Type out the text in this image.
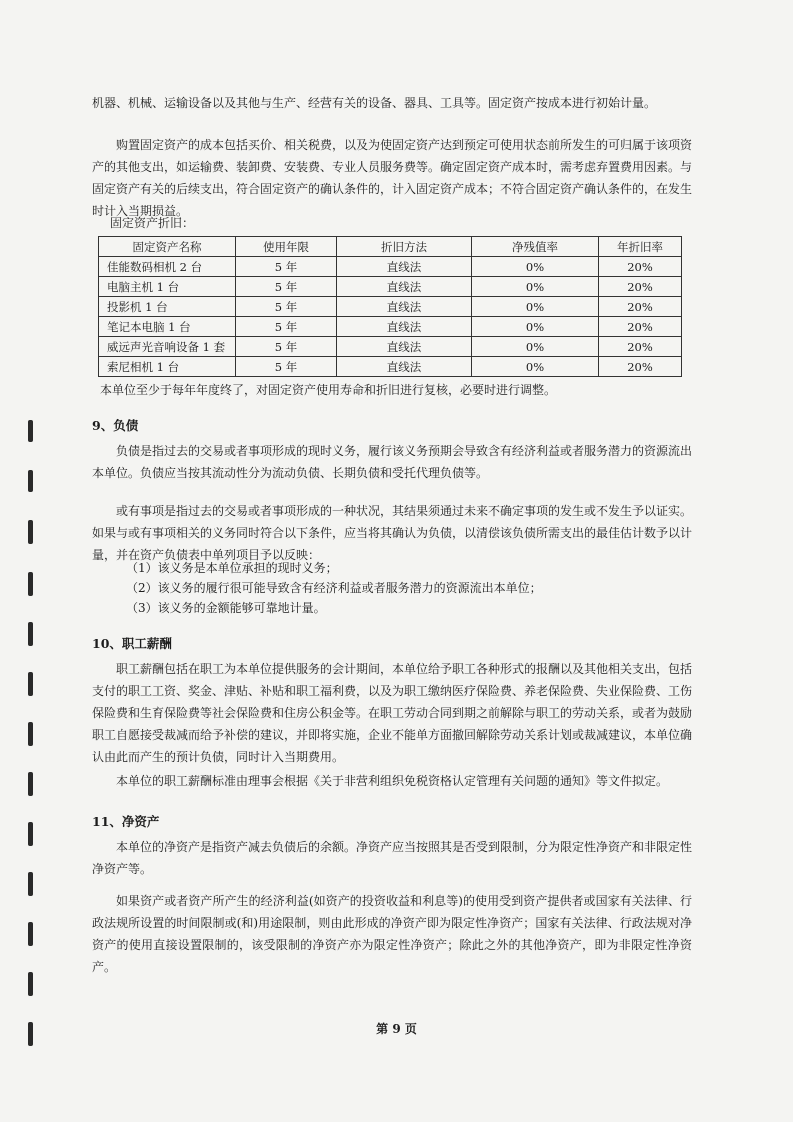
机器、机械、运输设备以及其他与生产、经营有关的设备、器具、工具等。固定资产按成本进行初始计量。

购置固定资产的成本包括买价、相关税费，以及为使固定资产达到预定可使用状态前所发生的可归属于该项资产的其他支出，如运输费、装卸费、安装费、专业人员服务费等。确定固定资产成本时，需考虑弃置费用因素。与固定资产有关的后续支出，符合固定资产的确认条件的，计入固定资产成本；不符合固定资产确认条件的，在发生时计入当期损益。

固定资产折旧：

固定资产名称	使用年限	折旧方法	净残值率	年折旧率
佳能数码相机 2 台	5 年	直线法	0%	20%
电脑主机 1 台	5 年	直线法	0%	20%
投影机 1 台	5 年	直线法	0%	20%
笔记本电脑 1 台	5 年	直线法	0%	20%
威远声光音响设备 1 套	5 年	直线法	0%	20%
索尼相机 1 台	5 年	直线法	0%	20%

本单位至少于每年年度终了，对固定资产使用寿命和折旧进行复核，必要时进行调整。

9、负债

负债是指过去的交易或者事项形成的现时义务，履行该义务预期会导致含有经济利益或者服务潜力的资源流出本单位。负债应当按其流动性分为流动负债、长期负债和受托代理负债等。

或有事项是指过去的交易或者事项形成的一种状况，其结果须通过未来不确定事项的发生或不发生予以证实。如果与或有事项相关的义务同时符合以下条件，应当将其确认为负债，以清偿该负债所需支出的最佳估计数予以计量，并在资产负债表中单列项目予以反映：

（1）该义务是本单位承担的现时义务；

（2）该义务的履行很可能导致含有经济利益或者服务潜力的资源流出本单位；

（3）该义务的金额能够可靠地计量。

10、职工薪酬

职工薪酬包括在职工为本单位提供服务的会计期间，本单位给予职工各种形式的报酬以及其他相关支出，包括支付的职工工资、奖金、津贴、补贴和职工福利费，以及为职工缴纳医疗保险费、养老保险费、失业保险费、工伤保险费和生育保险费等社会保险费和住房公积金等。在职工劳动合同到期之前解除与职工的劳动关系，或者为鼓励职工自愿接受裁减而给予补偿的建议，并即将实施，企业不能单方面撤回解除劳动关系计划或裁减建议，本单位确认由此而产生的预计负债，同时计入当期费用。

本单位的职工薪酬标准由理事会根据《关于非营利组织免税资格认定管理有关问题的通知》等文件拟定。

11、净资产

本单位的净资产是指资产减去负债后的余额。净资产应当按照其是否受到限制，分为限定性净资产和非限定性净资产等。

如果资产或者资产所产生的经济利益(如资产的投资收益和利息等)的使用受到资产提供者或国家有关法律、行政法规所设置的时间限制或(和)用途限制，则由此形成的净资产即为限定性净资产；国家有关法律、行政法规对净资产的使用直接设置限制的，该受限制的净资产亦为限定性净资产；除此之外的其他净资产，即为非限定性净资产。

第 9 页
